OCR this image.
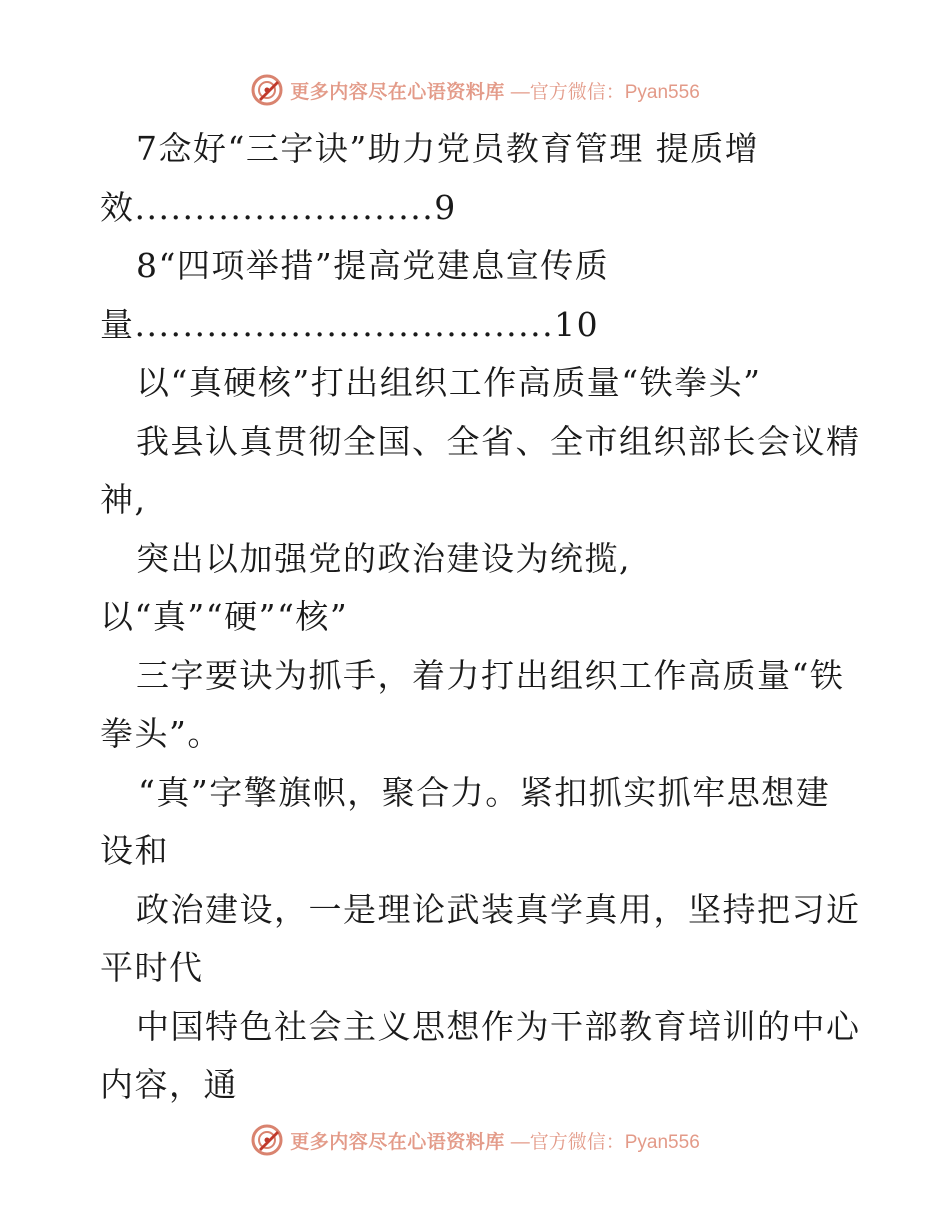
更多内容尽在心语资料库 —官方微信：Pyan556
7念好“三字诀”助力党员教育管理 提质增
效.........................9
8“四项举措”提高党建息宣传质
量...................................10
以“真硬核”打出组织工作高质量“铁拳头”
我县认真贯彻全国、全省、全市组织部长会议精
神,
突出以加强党的政治建设为统揽,
以“真”“硬”“核”
三字要诀为抓手，着力打出组织工作高质量“铁
拳头”。
“真”字擎旗帜，聚合力。紧扣抓实抓牢思想建
设和
政治建设，一是理论武装真学真用，坚持把习近
平时代
中国特色社会主义思想作为干部教育培训的中心
内容，通
更多内容尽在心语资料库 —官方微信：Pyan556
